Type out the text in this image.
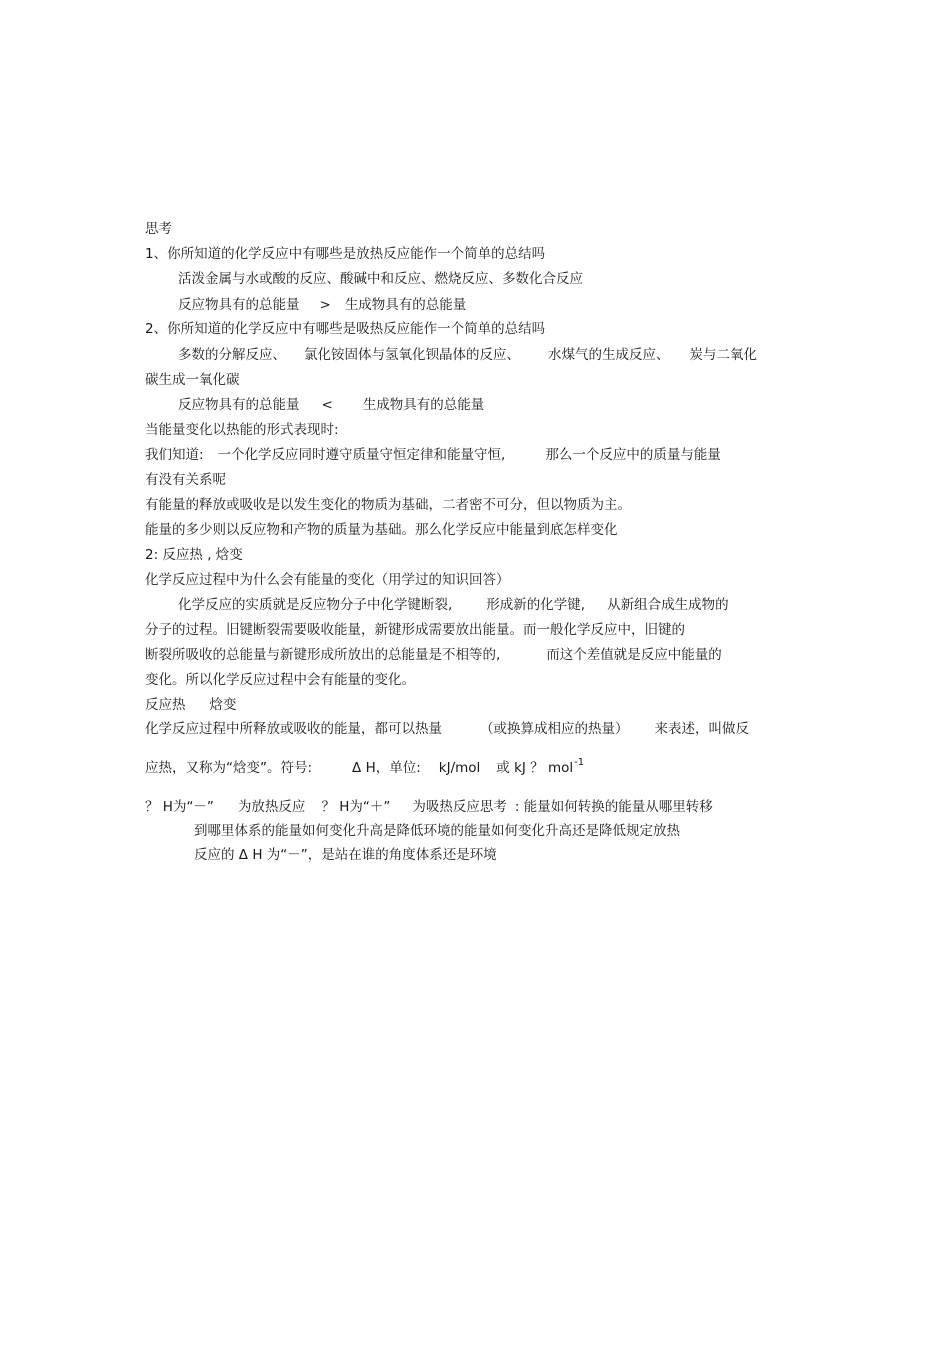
思考
1、你所知道的化学反应中有哪些是放热反应能作一个简单的总结吗
活泼金属与水或酸的反应、酸碱中和反应、燃烧反应、多数化合反应
反应物具有的总能量 > 生成物具有的总能量
2、你所知道的化学反应中有哪些是吸热反应能作一个简单的总结吗
多数的分解反应、 氯化铵固体与氢氧化钡晶体的反应、 水煤气的生成反应、 炭与二氧化
碳生成一氧化碳
反应物具有的总能量 < 生成物具有的总能量
当能量变化以热能的形式表现时:
我们知道: 一个化学反应同时遵守质量守恒定律和能量守恒,	那么一个反应中的质量与能量
有没有关系呢
有能量的释放或吸收是以发生变化的物质为基础，二者密不可分，但以物质为主。
能量的多少则以反应物和产物的质量为基础。那么化学反应中能量到底怎样变化
2: 反应热 , 焓变
化学反应过程中为什么会有能量的变化（用学过的知识回答）
化学反应的实质就是反应物分子中化学键断裂,	形成新的化学键, 从新组合成生成物的
分子的过程。旧键断裂需要吸收能量，新键形成需要放出能量。而一般化学反应中，旧键的
断裂所吸收的总能量与新键形成所放出的总能量是不相等的,	而这个差值就是反应中能量的
变化。所以化学反应过程中会有能量的变化。
反应热 焓变
化学反应过程中所释放或吸收的能量，都可以热量	（或换算成相应的热量） 来表述，叫做反
应热，又称为“焓变”。符号:	Δ H，单位: kJ/mol 或 kJ ？ mol -1
？ H为“－” 为放热反应 ？ H为“＋” 为吸热反应思考 : 能量如何转换的能量从哪里转移
到哪里体系的能量如何变化升高是降低环境的能量如何变化升高还是降低规定放热
反应的 Δ H 为“－”，是站在谁的角度体系还是环境
